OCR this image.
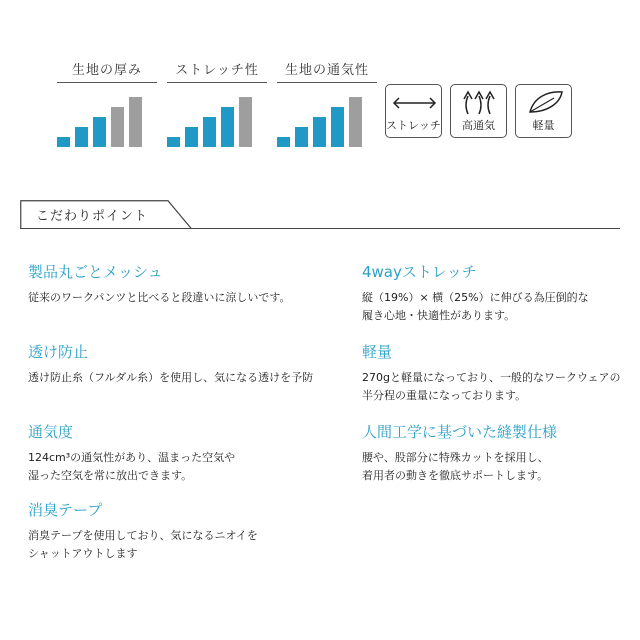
生地の厚み	ストレッチ性	生地の通気性
ストレッチ	高通気	軽量
こだわりポイント
製品丸ごとメッシュ
従来のワークパンツと比べると段違いに涼しいです。
4wayストレッチ
縦（19%）× 横（25%）に伸びる為圧倒的な
履き心地・快適性があります。
透け防止
透け防止糸（フルダル糸）を使用し、気になる透けを予防
軽量
270gと軽量になっており、一般的なワークウェアの
半分程の重量になっております。
通気度
124cm³の通気性があり、温まった空気や
湿った空気を常に放出できます。
人間工学に基づいた縫製仕様
腰や、股部分に特殊カットを採用し、
着用者の動きを徹底サポートします。
消臭テープ
消臭テープを使用しており、気になるニオイを
シャットアウトします
